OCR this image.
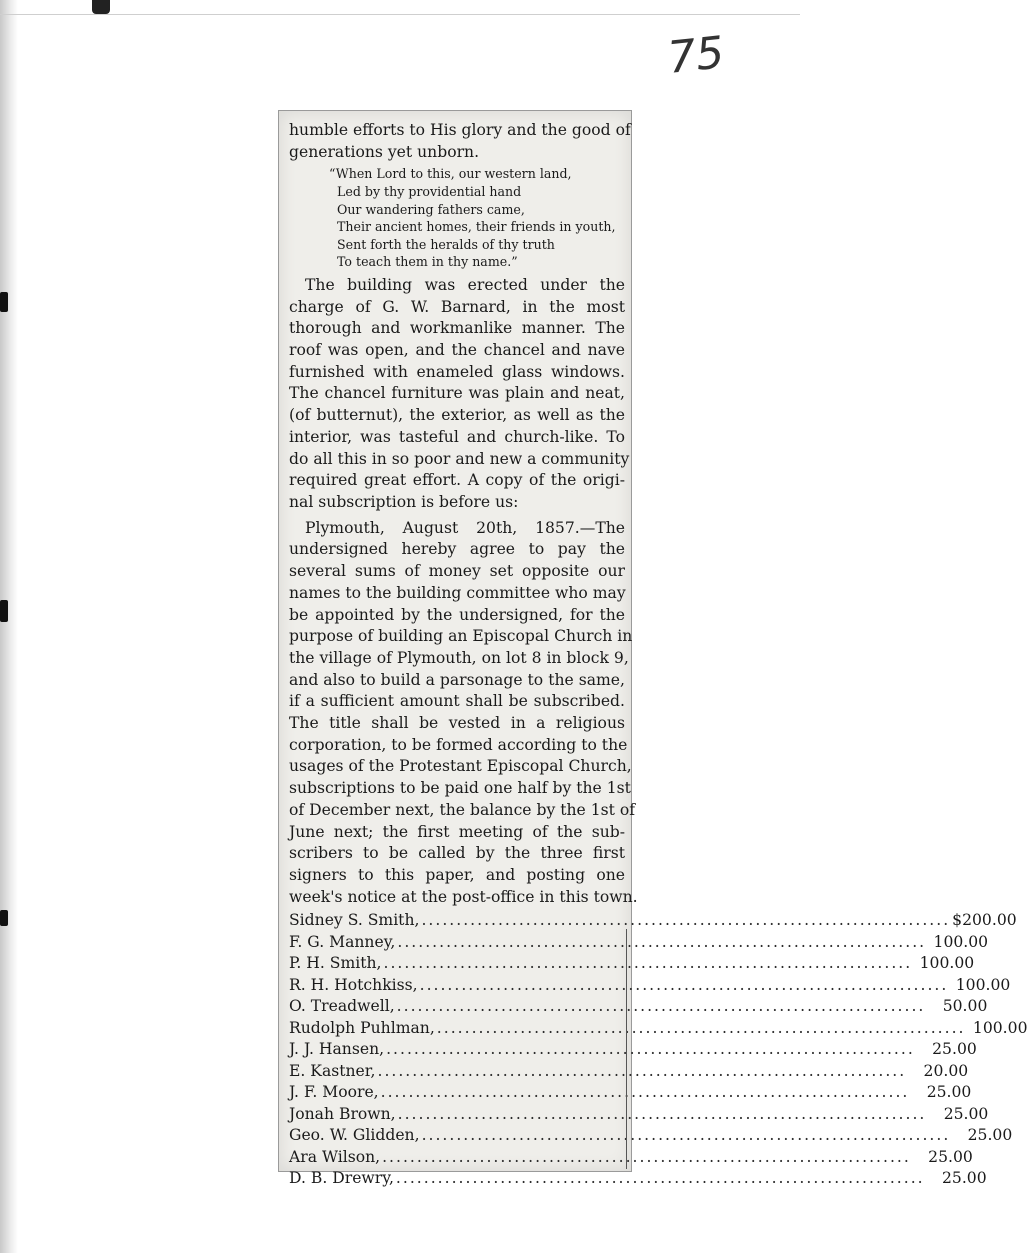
75
humble efforts to His glory and the good of
generations yet unborn.
“When Lord to this, our western land,
Led by thy providential hand
Our wandering fathers came,
Their ancient homes, their friends in youth,
Sent forth the heralds of thy truth
To teach them in thy name.”
The building was erected under the
charge of G. W. Barnard, in the most
thorough and workmanlike manner. The
roof was open, and the chancel and nave
furnished with enameled glass windows.
The chancel furniture was plain and neat,
(of butternut), the exterior, as well as the
interior, was tasteful and church-like. To
do all this in so poor and new a community
required great effort. A copy of the origi-
nal subscription is before us:
Plymouth, August 20th, 1857.—The
undersigned hereby agree to pay the
several sums of money set opposite our
names to the building committee who may
be appointed by the undersigned, for the
purpose of building an Episcopal Church in
the village of Plymouth, on lot 8 in block 9,
and also to build a parsonage to the same,
if a sufficient amount shall be subscribed.
The title shall be vested in a religious
corporation, to be formed according to the
usages of the Protestant Episcopal Church,
subscriptions to be paid one half by the 1st
of December next, the balance by the 1st of
June next; the first meeting of the sub-
scribers to be called by the three first
signers to this paper, and posting one
week's notice at the post-office in this town.
Sidney S. Smith, .....	$200.00
F. G. Manney, .....	100.00
P. H. Smith, .....	100.00
R. H. Hotchkiss, .....	100.00
O. Treadwell, .....	50.00
Rudolph Puhlman, .....	100.00
J. J. Hansen, .....	25.00
E. Kastner, .....	20.00
J. F. Moore, .....	25.00
Jonah Brown, .....	25.00
Geo. W. Glidden, .....	25.00
Ara Wilson, .....	25.00
D. B. Drewry, .....	25.00
